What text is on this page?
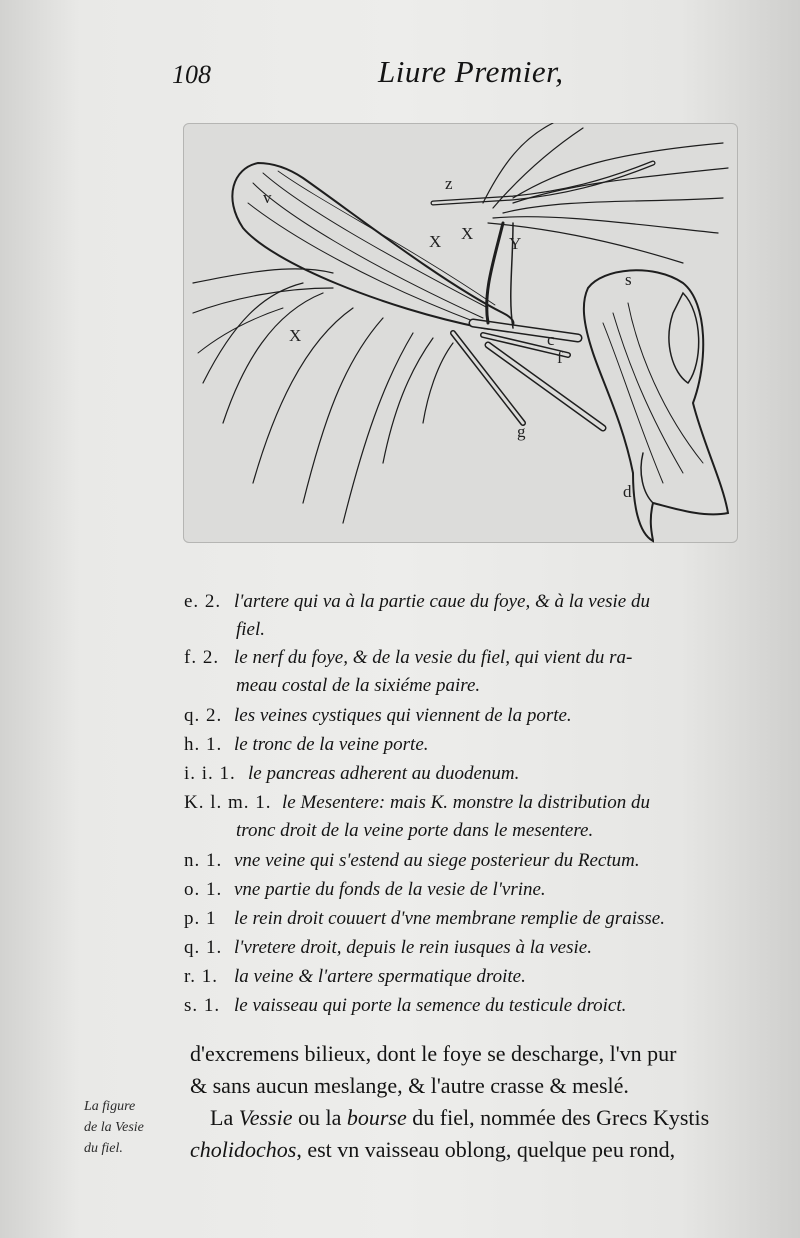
108	Liure Premier,
z
v
X X
X
Y
s
c
f
g
d
e. 2. l'artere qui va à la partie caue du foye, & à la vesie du
fiel.
f. 2. le nerf du foye, & de la vesie du fiel, qui vient du ra-
meau costal de la sixiéme paire.
q. 2. les veines cystiques qui viennent de la porte.
h. 1. le tronc de la veine porte.
i. i. 1. le pancreas adherent au duodenum.
K. l. m. 1. le Mesentere: mais K. monstre la distribution du
tronc droit de la veine porte dans le mesentere.
n. 1. vne veine qui s'estend au siege posterieur du Rectum.
o. 1. vne partie du fonds de la vesie de l'vrine.
p. 1 le rein droit couuert d'vne membrane remplie de graisse.
q. 1. l'vretere droit, depuis le rein iusques à la vesie.
r. 1. la veine & l'artere spermatique droite.
s. 1. le vaisseau qui porte la semence du testicule droict.
d'excremens bilieux, dont le foye se descharge, l'vn pur
& sans aucun meslange, & l'autre crasse & meslé.
La Vessie ou la bourse du fiel, nommée des Grecs Kystis
cholidochos, est vn vaisseau oblong, quelque peu rond,
La figure
de la Vesie
du fiel.
